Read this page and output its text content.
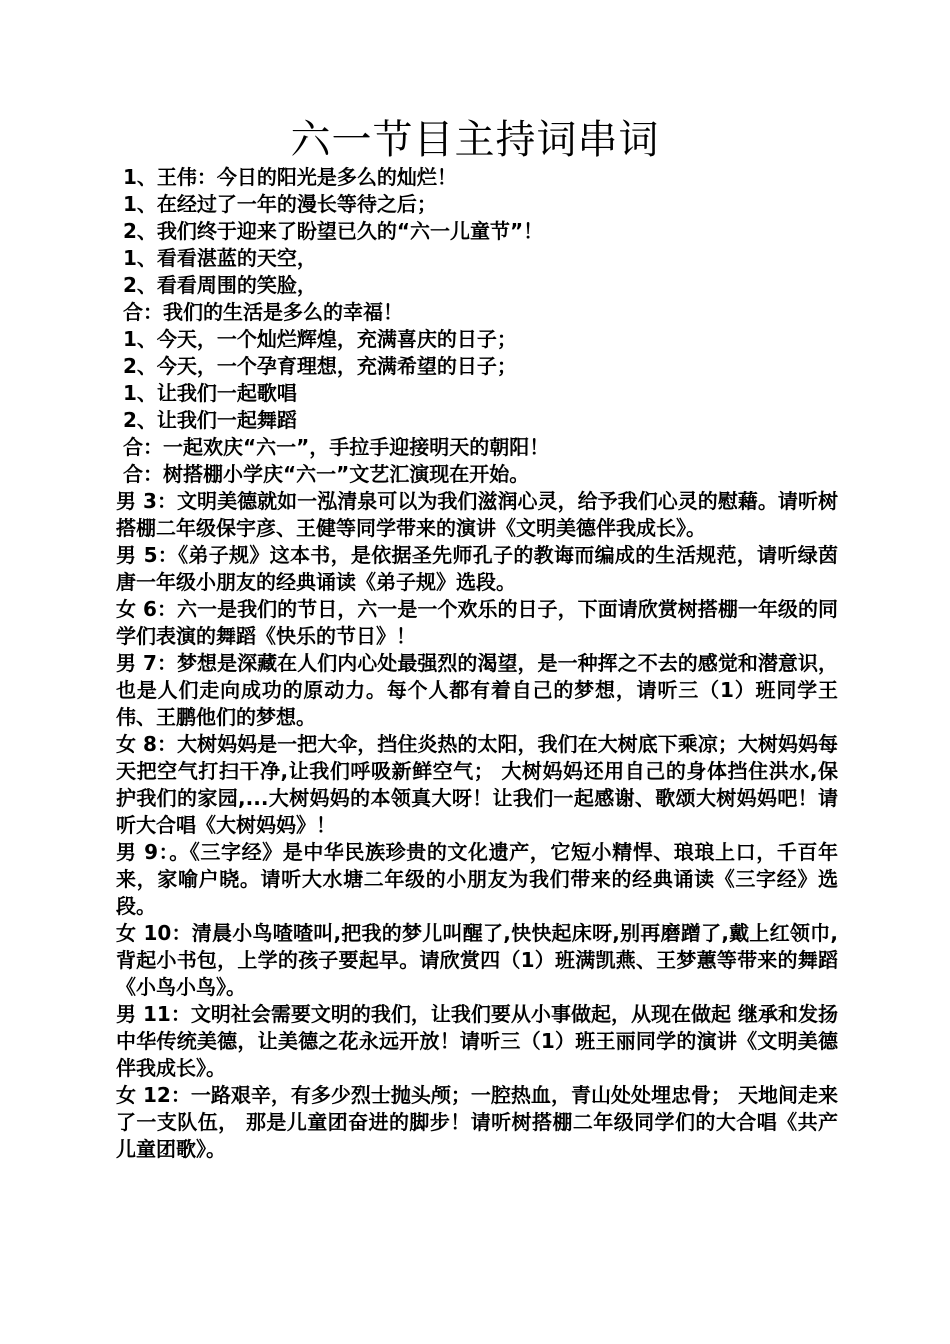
六一节目主持词串词

1、王伟：今日的阳光是多么的灿烂！

1、在经过了一年的漫长等待之后；

2、我们终于迎来了盼望已久的“六一儿童节”！

1、看看湛蓝的天空，

2、看看周围的笑脸，

合：我们的生活是多么的幸福！

1、今天，一个灿烂辉煌，充满喜庆的日子；

2、今天，一个孕育理想，充满希望的日子；

1、让我们一起歌唱

2、让我们一起舞蹈

合：一起欢庆“六一”，手拉手迎接明天的朝阳！

合：树搭棚小学庆“六一”文艺汇演现在开始。

男 3：文明美德就如一泓清泉可以为我们滋润心灵，给予我们心灵的慰藉。请听树搭棚二年级保宇彦、王健等同学带来的演讲《文明美德伴我成长》。

男 5：《弟子规》这本书，是依据圣先师孔子的教诲而编成的生活规范，请听绿茵唐一年级小朋友的经典诵读《弟子规》选段。

女 6：六一是我们的节日，六一是一个欢乐的日子，下面请欣赏树搭棚一年级的同学们表演的舞蹈《快乐的节日》！

男 7：梦想是深藏在人们内心处最强烈的渴望，是一种挥之不去的感觉和潜意识，也是人们走向成功的原动力。每个人都有着自己的梦想，请听三（1）班同学王伟、王鹏他们的梦想。

女 8：大树妈妈是一把大伞，挡住炎热的太阳，我们在大树底下乘凉；大树妈妈每天把空气打扫干净,让我们呼吸新鲜空气； 大树妈妈还用自己的身体挡住洪水,保护我们的家园,...大树妈妈的本领真大呀！让我们一起感谢、歌颂大树妈妈吧！请听大合唱《大树妈妈》！

男 9：。《三字经》是中华民族珍贵的文化遗产，它短小精悍、琅琅上口，千百年来，家喻户晓。请听大水塘二年级的小朋友为我们带来的经典诵读《三字经》选段。

女 10：清晨小鸟喳喳叫,把我的梦儿叫醒了,快快起床呀,别再磨蹭了,戴上红领巾,背起小书包，上学的孩子要起早。请欣赏四（1）班满凯燕、王梦蕙等带来的舞蹈《小鸟小鸟》。

男 11：文明社会需要文明的我们，让我们要从小事做起，从现在做起 继承和发扬中华传统美德，让美德之花永远开放！请听三（1）班王丽同学的演讲《文明美德伴我成长》。

女 12：一路艰辛，有多少烈士抛头颅；一腔热血，青山处处埋忠骨； 天地间走来了一支队伍， 那是儿童团奋进的脚步！请听树搭棚二年级同学们的大合唱《共产儿童团歌》。
